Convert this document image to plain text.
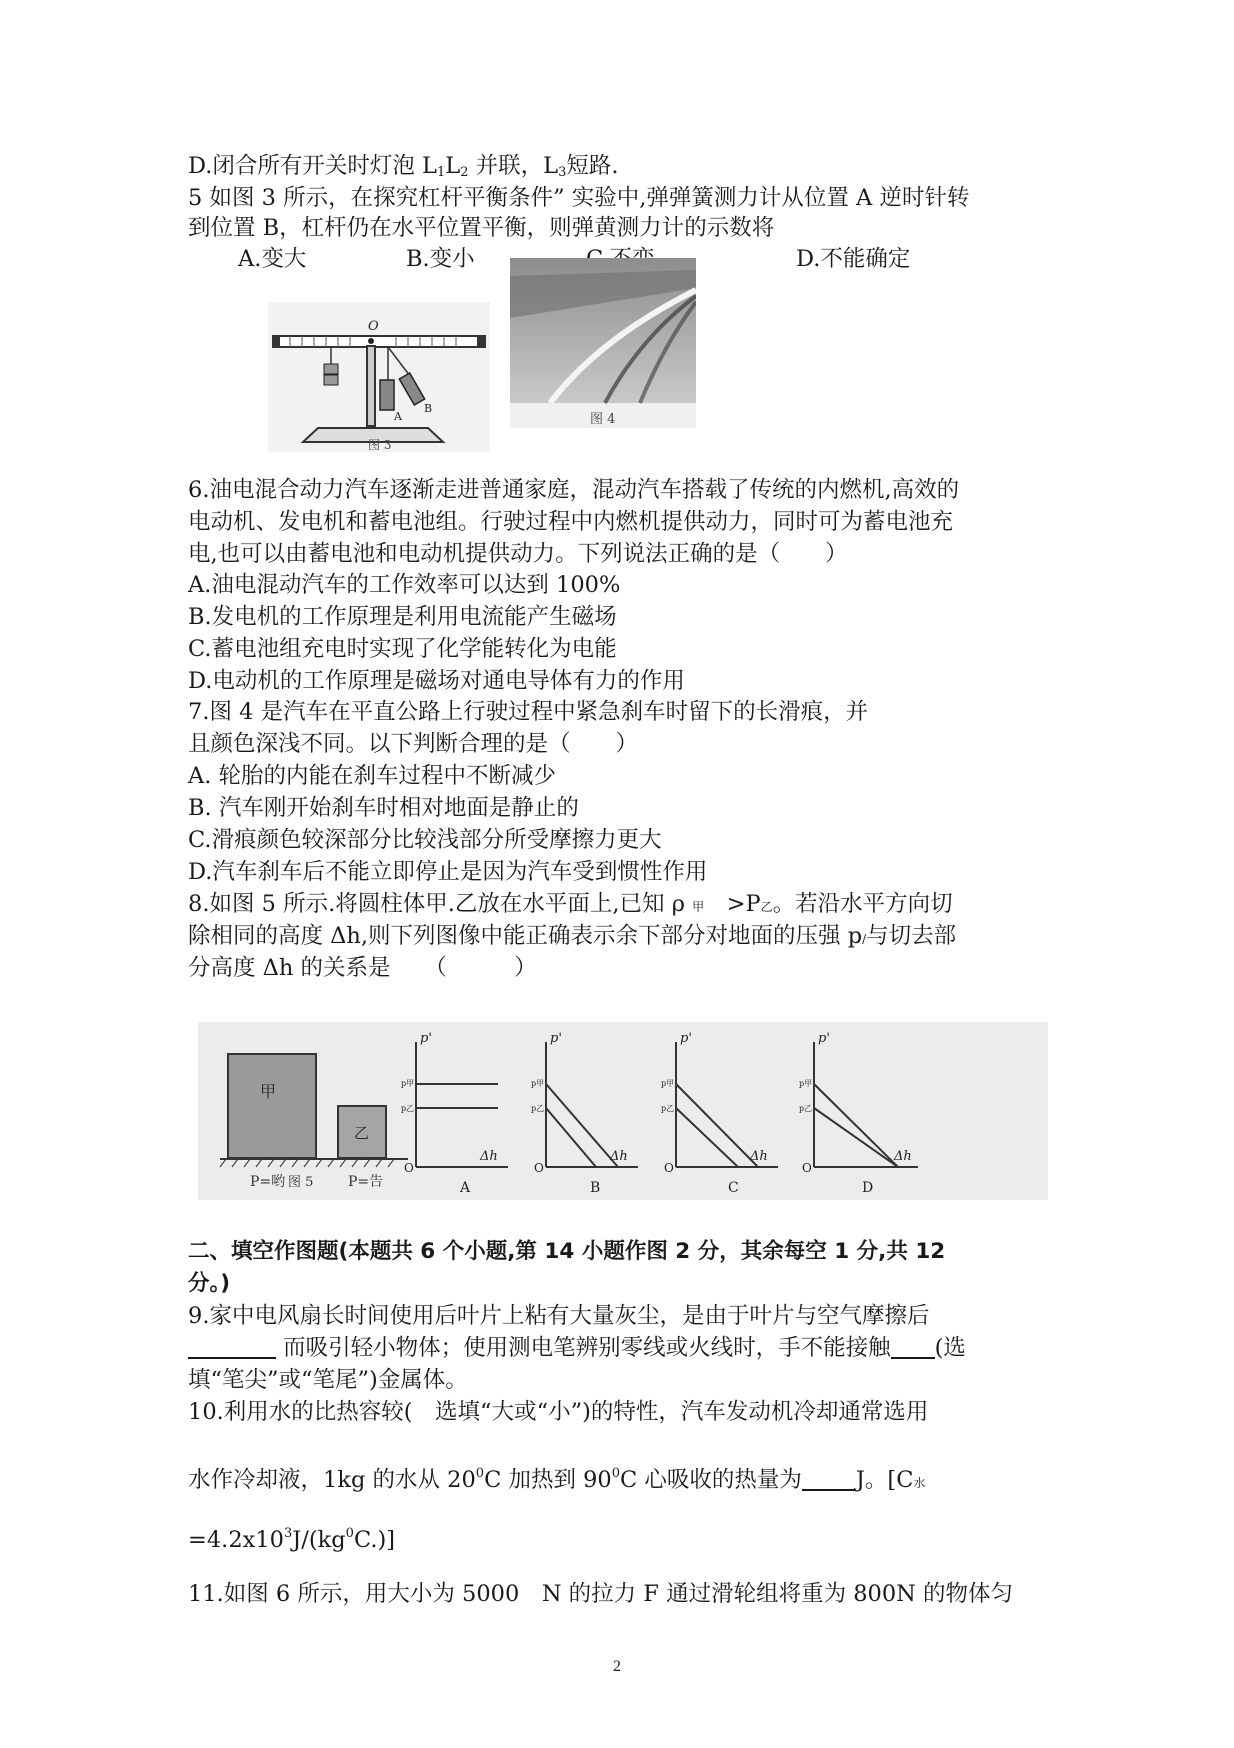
D.闭合所有开关时灯泡 $L_1L_2$ 并联，$L_3$短路.
5 如图 3 所示，在探究杠杆平衡条件” 实验中,弹弹簧测力计从位置 A 逆时针转
到位置 B，杠杆仍在水平位置平衡，则弹黄测力计的示数将
A.变大	B.变小	D.不能确定
O
A
B
图 3
图 4
6.油电混合动力汽车逐渐走进普通家庭，混动汽车搭载了传统的内燃机,高效的
电动机、发电机和蓄电池组。行驶过程中内燃机提供动力，同时可为蓄电池充
电,也可以由蓄电池和电动机提供动力。下列说法正确的是（　　）
A.油电混动汽车的工作效率可以达到 100%
B.发电机的工作原理是利用电流能产生磁场
C.蓄电池组充电时实现了化学能转化为电能
D.电动机的工作原理是磁场对通电导体有力的作用
7.图 4 是汽车在平直公路上行驶过程中紧急刹车时留下的长滑痕，并
且颜色深浅不同。以下判断合理的是（　　）
A. 轮胎的内能在刹车过程中不断减少
B. 汽车刚开始刹车时相对地面是静止的
C.滑痕颜色较深部分比较浅部分所受摩擦力更大
D.汽车刹车后不能立即停止是因为汽车受到惯性作用
8.如图 5 所示.将圆柱体甲.乙放在水平面上,已知 ρ 甲　 >P乙。若沿水平方向切
除相同的高度 Δh,则下列图像中能正确表示余下部分对地面的压强 p/与切去部
分高度 Δh 的关系是　　（　　　）
甲
乙
P=哟 图 5 P=告
p'
p甲
p乙
O
Δh
A
p'
p甲
p乙
O
Δh
B
p'
p甲
p乙
O
Δh
C
p'
p甲
p乙
O
Δh
D
二、填空作图题(本题共 6 个小题,第 14 小题作图 2 分，其余每空 1 分,共 12
分。)
9.家中电风扇长时间使用后叶片上粘有大量灰尘，是由于叶片与空气摩擦后
而吸引轻小物体；使用测电笔辨别零线或火线时，手不能接触 (选
填“笔尖”或“笔尾”)金属体。
10.利用水的比热容较(　选填“大或“小”)的特性，汽车发动机冷却通常选用
水作冷却液，1kg 的水从 $20^0C$ 加热到 $90^0C$ 心吸收的热量为 J。[C水
$=4.2x10^3J/(kg^0C.)$]
11.如图 6 所示，用大小为 5000　N 的拉力 F 通过滑轮组将重为 800N 的物体匀
2
